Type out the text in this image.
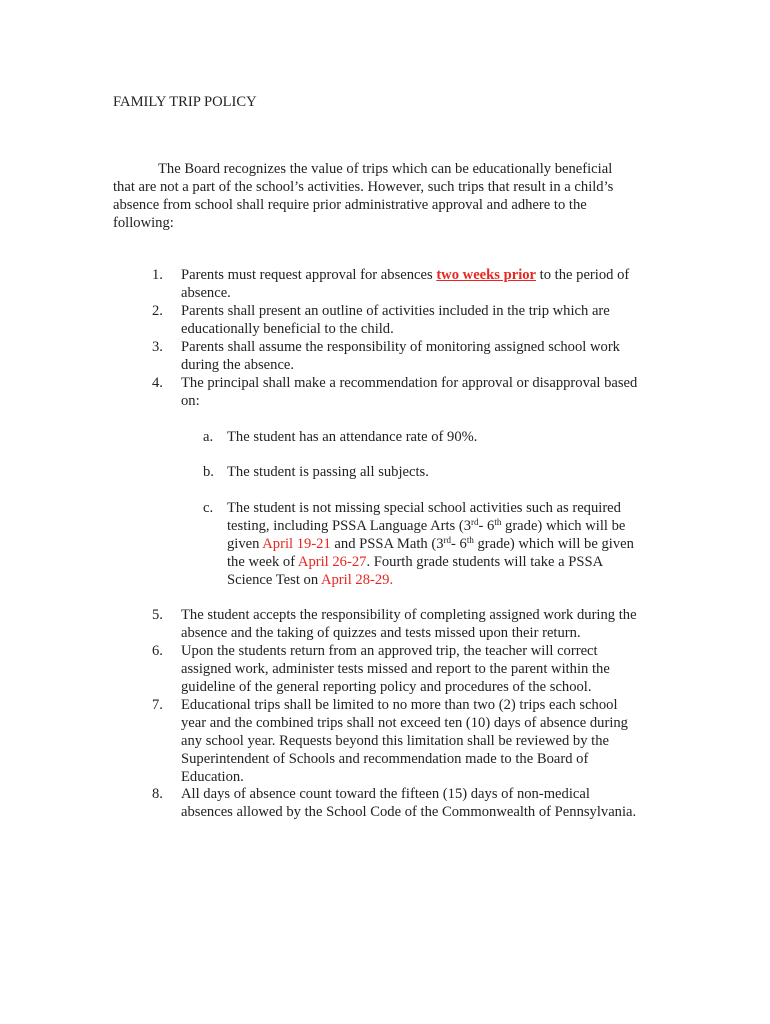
FAMILY TRIP POLICY
The Board recognizes the value of trips which can be educationally beneficial
that are not a part of the school’s activities. However, such trips that result in a child’s
absence from school shall require prior administrative approval and adhere to the
following:
1. Parents must request approval for absences two weeks prior to the period of
absence.
2. Parents shall present an outline of activities included in the trip which are
educationally beneficial to the child.
3. Parents shall assume the responsibility of monitoring assigned school work
during the absence.
4. The principal shall make a recommendation for approval or disapproval based
on:
a. The student has an attendance rate of 90%.
b. The student is passing all subjects.
c. The student is not missing special school activities such as required
testing, including PSSA Language Arts (3rd- 6th grade) which will be
given April 19-21 and PSSA Math (3rd- 6th grade) which will be given
the week of April 26-27. Fourth grade students will take a PSSA
Science Test on April 28-29.
5. The student accepts the responsibility of completing assigned work during the
absence and the taking of quizzes and tests missed upon their return.
6. Upon the students return from an approved trip, the teacher will correct
assigned work, administer tests missed and report to the parent within the
guideline of the general reporting policy and procedures of the school.
7. Educational trips shall be limited to no more than two (2) trips each school
year and the combined trips shall not exceed ten (10) days of absence during
any school year. Requests beyond this limitation shall be reviewed by the
Superintendent of Schools and recommendation made to the Board of
Education.
8. All days of absence count toward the fifteen (15) days of non-medical
absences allowed by the School Code of the Commonwealth of Pennsylvania.
